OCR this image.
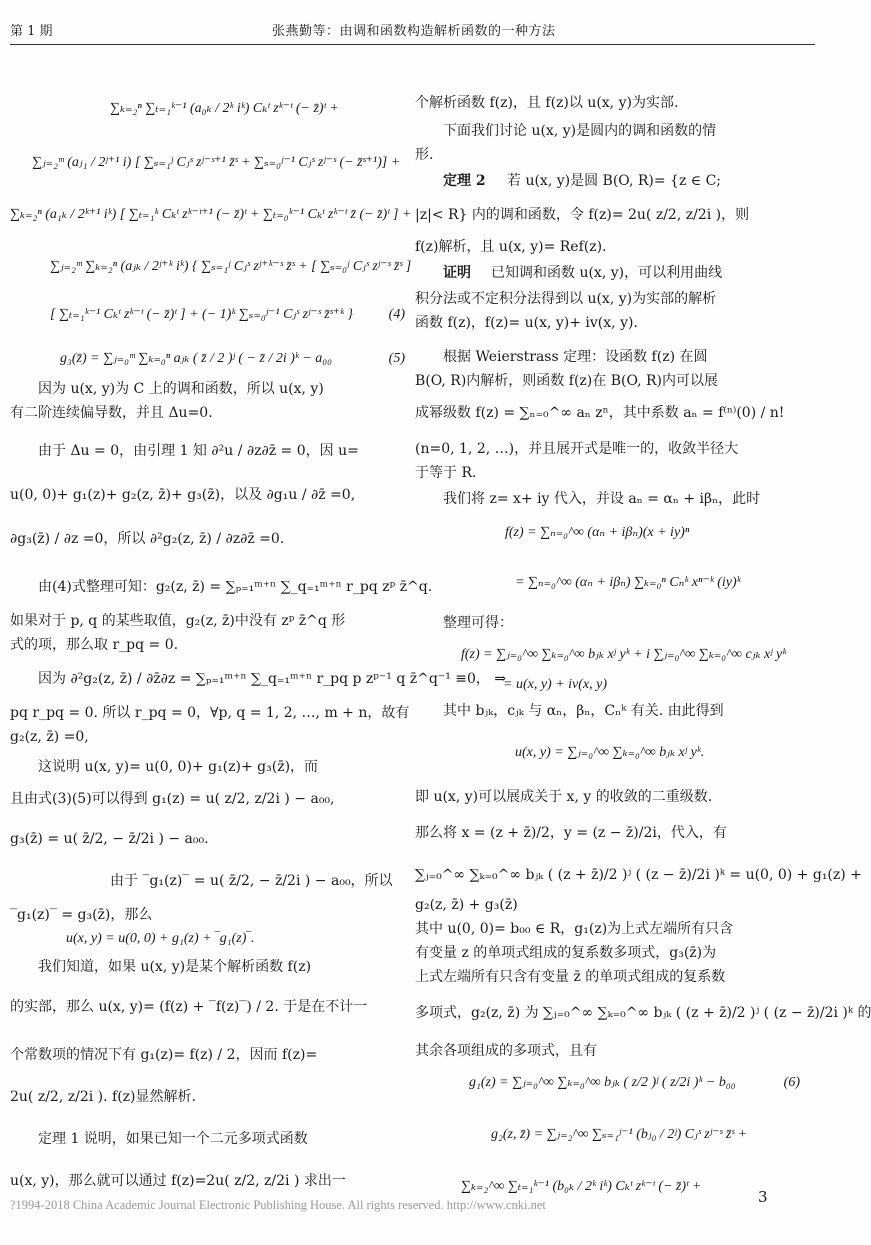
第 1 期	张燕勤等：由调和函数构造解析函数的一种方法
∑ₖ₌₂ⁿ ∑ₜ₌₁ᵏ⁻¹ (a₀ₖ / 2ᵏ iᵏ) Cₖᵗ zᵏ⁻ᵗ (− z̄)ᵗ +
∑ⱼ₌₂ᵐ (aⱼ₁ / 2ʲ⁺¹ i) [ ∑ₛ₌₁ʲ Cⱼˢ zʲ⁻ˢ⁺¹ z̄ˢ + ∑ₛ₌₀ʲ⁻¹ Cⱼˢ zʲ⁻ˢ (− z̄ˢ⁺¹)] +
∑ₖ₌₂ⁿ (a₁ₖ / 2ᵏ⁺¹ iᵏ) [ ∑ₜ₌₁ᵏ Cₖᵗ zᵏ⁻ᵗ⁺¹ (− z̄)ᵗ + ∑ₜ₌₀ᵏ⁻¹ Cₖᵗ zᵏ⁻ᵗ z̄ (− z̄)ᵗ ] +
∑ⱼ₌₂ᵐ ∑ₖ₌₂ⁿ (aⱼₖ / 2ʲ⁺ᵏ iᵏ) { ∑ₛ₌₁ʲ Cⱼˢ zʲ⁺ᵏ⁻ˢ z̄ˢ + [ ∑ₛ₌₀ʲ Cⱼˢ zʲ⁻ˢ z̄ˢ ]
[ ∑ₜ₌₁ᵏ⁻¹ Cₖᵗ zᵏ⁻ᵗ (− z̄)ᵗ ] + (− 1)ᵏ ∑ₛ₌₀ʲ⁻¹ Cⱼˢ zʲ⁻ˢ z̄ˢ⁺ᵏ }	(4)
g₃(z̄) = ∑ⱼ₌₀ᵐ ∑ₖ₌₀ⁿ aⱼₖ ( z̄ / 2 )ʲ ( − z̄ / 2i )ᵏ − a₀₀	(5)
因为 u(x, y)为 C 上的调和函数，所以 u(x, y)
有二阶连续偏导数，并且 Δu=0.
由于 Δu = 0，由引理 1 知 ∂²u / ∂z∂z̄ = 0，因 u=
u(0, 0)+ g₁(z)+ g₂(z, z̄)+ g₃(z̄)，以及 ∂g₁u / ∂z̄ =0,
∂g₃(z̄) / ∂z =0，所以 ∂²g₂(z, z̄) / ∂z∂z̄ =0.
由(4)式整理可知：g₂(z, z̄) = ∑ₚ₌₁ᵐ⁺ⁿ ∑_q₌₁ᵐ⁺ⁿ r_pq zᵖ z̄^q.
如果对于 p, q 的某些取值，g₂(z, z̄)中没有 zᵖ z̄^q 形
式的项，那么取 r_pq = 0.
因为 ∂²g₂(z, z̄) / ∂z̄∂z = ∑ₚ₌₁ᵐ⁺ⁿ ∑_q₌₁ᵐ⁺ⁿ r_pq p zᵖ⁻¹ q z̄^q⁻¹ ≡0， ⇒
pq r_pq = 0. 所以 r_pq = 0，∀p, q = 1, 2, …, m + n，故有
g₂(z, z̄) =0,
这说明 u(x, y)= u(0, 0)+ g₁(z)+ g₃(z̄)，而
且由式(3)(5)可以得到 g₁(z) = u( z/2, z/2i ) − a₀₀,
g₃(z̄) = u( z̄/2, − z̄/2i ) − a₀₀.
由于 ‾g₁(z)‾ = u( z̄/2, − z̄/2i ) − a₀₀，所以
‾g₁(z)‾ = g₃(z̄)，那么
u(x, y) = u(0, 0) + g₁(z) + ‾g₁(z)‾.
我们知道，如果 u(x, y)是某个解析函数 f(z)
的实部，那么 u(x, y)= (f(z) + ‾f(z)‾) / 2. 于是在不计一
个常数项的情况下有 g₁(z)= f(z) / 2，因而 f(z)=
2u( z/2, z/2i ). f(z)显然解析.
定理 1 说明，如果已知一个二元多项式函数
u(x, y)，那么就可以通过 f(z)=2u( z/2, z/2i ) 求出一
个解析函数 f(z)，且 f(z)以 u(x, y)为实部.
下面我们讨论 u(x, y)是圆内的调和函数的情
形.
定理 2 若 u(x, y)是圆 B(O, R)= {z ∈ C;
|z|< R} 内的调和函数，令 f(z)= 2u( z/2, z/2i )，则
f(z)解析，且 u(x, y)= Ref(z).
证明 已知调和函数 u(x, y)，可以利用曲线
积分法或不定积分法得到以 u(x, y)为实部的解析
函数 f(z)，f(z)= u(x, y)+ iv(x, y).
根据 Weierstrass 定理：设函数 f(z) 在圆
B(O, R)内解析，则函数 f(z)在 B(O, R)内可以展
成幂级数 f(z) = ∑ₙ₌₀^∞ aₙ zⁿ，其中系数 aₙ = f⁽ⁿ⁾(0) / n!
(n=0, 1, 2, …)，并且展开式是唯一的，收敛半径大
于等于 R.
我们将 z= x+ iy 代入，并设 aₙ = αₙ + iβₙ，此时
f(z) = ∑ₙ₌₀^∞ (αₙ + iβₙ)(x + iy)ⁿ
= ∑ₙ₌₀^∞ (αₙ + iβₙ) ∑ₖ₌₀ⁿ Cₙᵏ xⁿ⁻ᵏ (iy)ᵏ
整理可得：
f(z) = ∑ⱼ₌₀^∞ ∑ₖ₌₀^∞ bⱼₖ xʲ yᵏ + i ∑ⱼ₌₀^∞ ∑ₖ₌₀^∞ cⱼₖ xʲ yᵏ
= u(x, y) + iv(x, y)
其中 bⱼₖ，cⱼₖ 与 αₙ，βₙ，Cₙᵏ 有关. 由此得到
u(x, y) = ∑ⱼ₌₀^∞ ∑ₖ₌₀^∞ bⱼₖ xʲ yᵏ.
即 u(x, y)可以展成关于 x, y 的收敛的二重级数.
那么将 x = (z + z̄)/2，y = (z − z̄)/2i，代入，有
∑ⱼ₌₀^∞ ∑ₖ₌₀^∞ bⱼₖ ( (z + z̄)/2 )ʲ ( (z − z̄)/2i )ᵏ = u(0, 0) + g₁(z) +
g₂(z, z̄) + g₃(z̄)
其中 u(0, 0)= b₀₀ ∈ R，g₁(z)为上式左端所有只含
有变量 z 的单项式组成的复系数多项式，g₃(z̄)为
上式左端所有只含有变量 z̄ 的单项式组成的复系数
多项式，g₂(z, z̄) 为 ∑ⱼ₌₀^∞ ∑ₖ₌₀^∞ bⱼₖ ( (z + z̄)/2 )ʲ ( (z − z̄)/2i )ᵏ 的
其余各项组成的多项式，且有
g₁(z) = ∑ⱼ₌₀^∞ ∑ₖ₌₀^∞ bⱼₖ ( z/2 )ʲ ( z/2i )ᵏ − b₀₀	(6)
g₂(z, z̄) = ∑ⱼ₌₂^∞ ∑ₛ₌₁ʲ⁻¹ (bⱼ₀ / 2ʲ) Cⱼˢ zʲ⁻ˢ z̄ˢ +
∑ₖ₌₂^∞ ∑ₜ₌₁ᵏ⁻¹ (b₀ₖ / 2ᵏ iᵏ) Cₖᵗ zᵏ⁻ᵗ (− z̄)ᵗ +
?1994-2018 China Academic Journal Electronic Publishing House. All rights reserved. http://www.cnki.net	3
